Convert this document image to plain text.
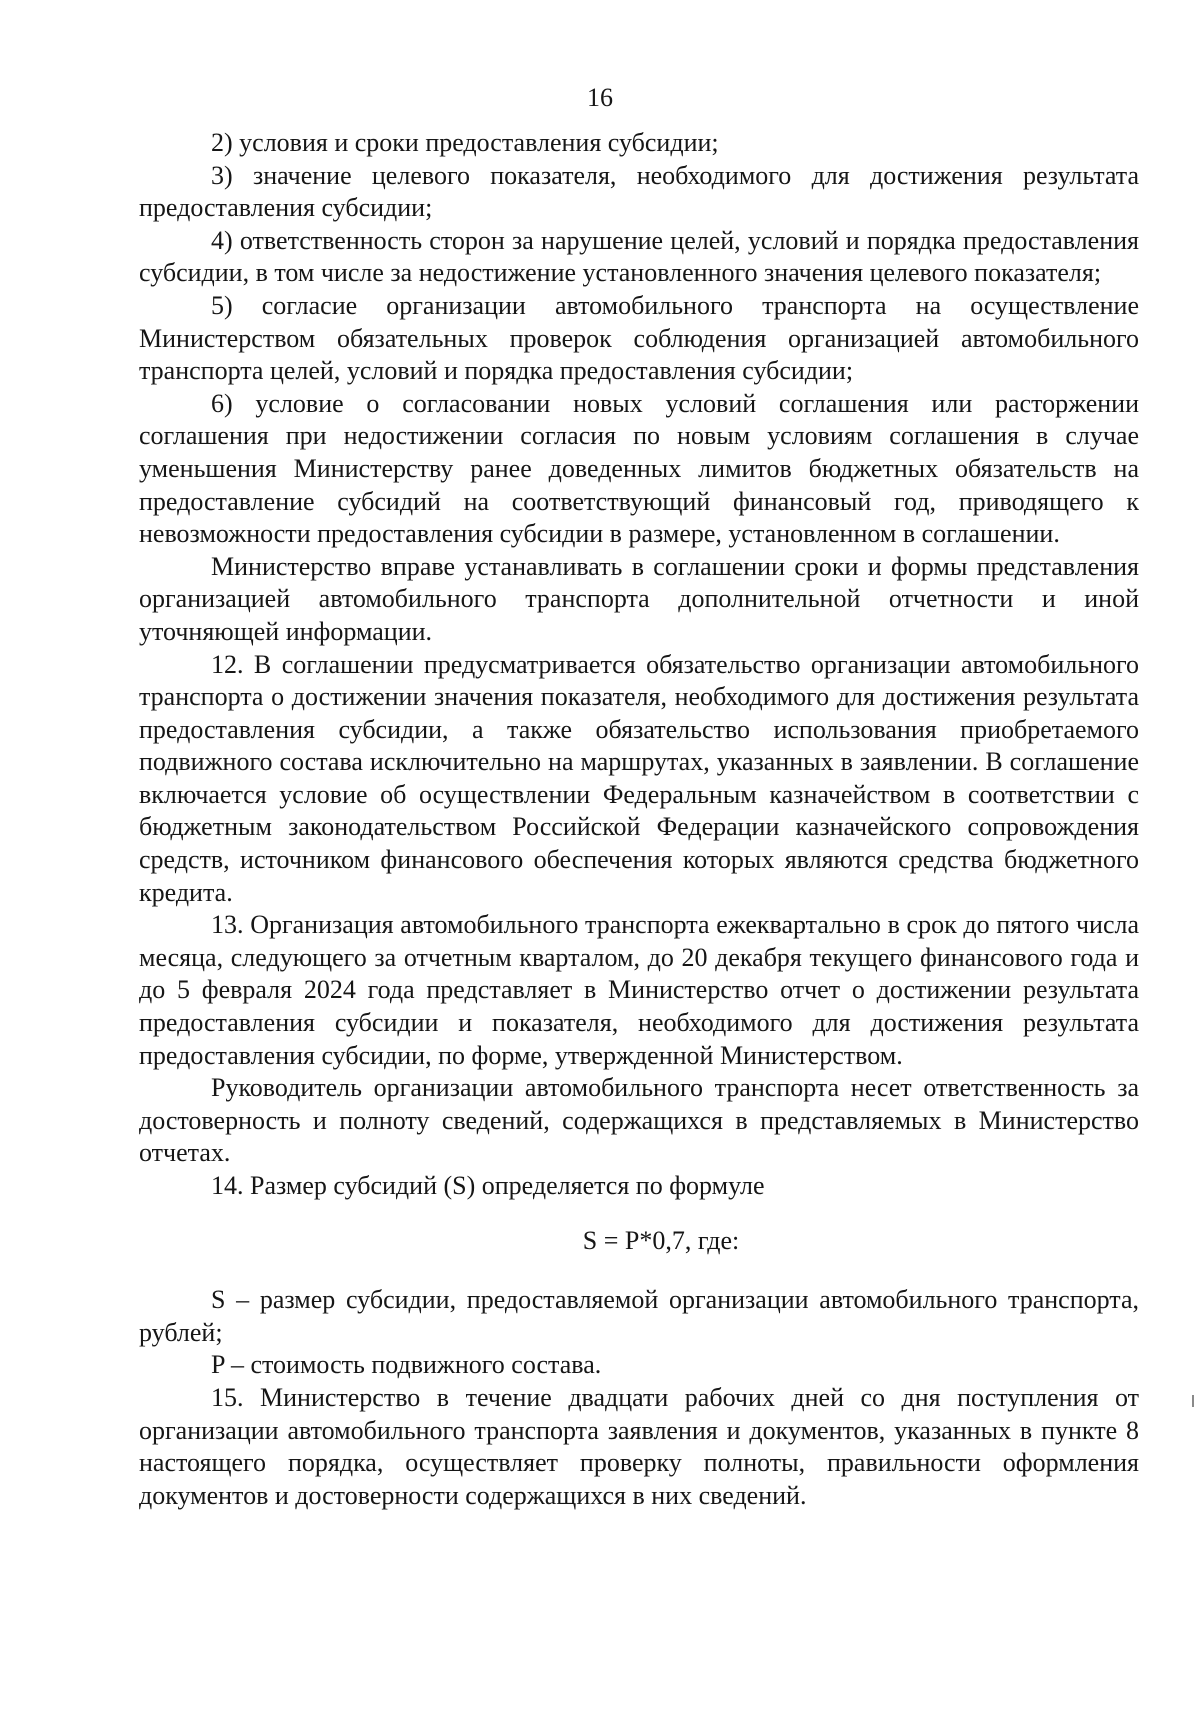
16

2) условия и сроки предоставления субсидии;

3) значение целевого показателя, необходимого для достижения результата предоставления субсидии;

4) ответственность сторон за нарушение целей, условий и порядка предоставления субсидии, в том числе за недостижение установленного значения целевого показателя;

5) согласие организации автомобильного транспорта на осуществление Министерством обязательных проверок соблюдения организацией автомобильного транспорта целей, условий и порядка предоставления субсидии;

6) условие о согласовании новых условий соглашения или расторжении соглашения при недостижении согласия по новым условиям соглашения в случае уменьшения Министерству ранее доведенных лимитов бюджетных обязательств на предоставление субсидий на соответствующий финансовый год, приводящего к невозможности предоставления субсидии в размере, установленном в соглашении.

Министерство вправе устанавливать в соглашении сроки и формы представления организацией автомобильного транспорта дополнительной отчетности и иной уточняющей информации.

12. В соглашении предусматривается обязательство организации автомобильного транспорта о достижении значения показателя, необходимого для достижения результата предоставления субсидии, а также обязательство использования приобретаемого подвижного состава исключительно на маршрутах, указанных в заявлении. В соглашение включается условие об осуществлении Федеральным казначейством в соответствии с бюджетным законодательством Российской Федерации казначейского сопровождения средств, источником финансового обеспечения которых являются средства бюджетного кредита.

13. Организация автомобильного транспорта ежеквартально в срок до пятого числа месяца, следующего за отчетным кварталом, до 20 декабря текущего финансового года и до 5 февраля 2024 года представляет в Министерство отчет о достижении результата предоставления субсидии и показателя, необходимого для достижения результата предоставления субсидии, по форме, утвержденной Министерством.

Руководитель организации автомобильного транспорта несет ответственность за достоверность и полноту сведений, содержащихся в представляемых в Министерство отчетах.

14. Размер субсидий (S) определяется по формуле

S = P*0,7, где:

S – размер субсидии, предоставляемой организации автомобильного транспорта, рублей;

P – стоимость подвижного состава.

15. Министерство в течение двадцати рабочих дней со дня поступления от организации автомобильного транспорта заявления и документов, указанных в пункте 8 настоящего порядка, осуществляет проверку полноты, правильности оформления документов и достоверности содержащихся в них сведений.
